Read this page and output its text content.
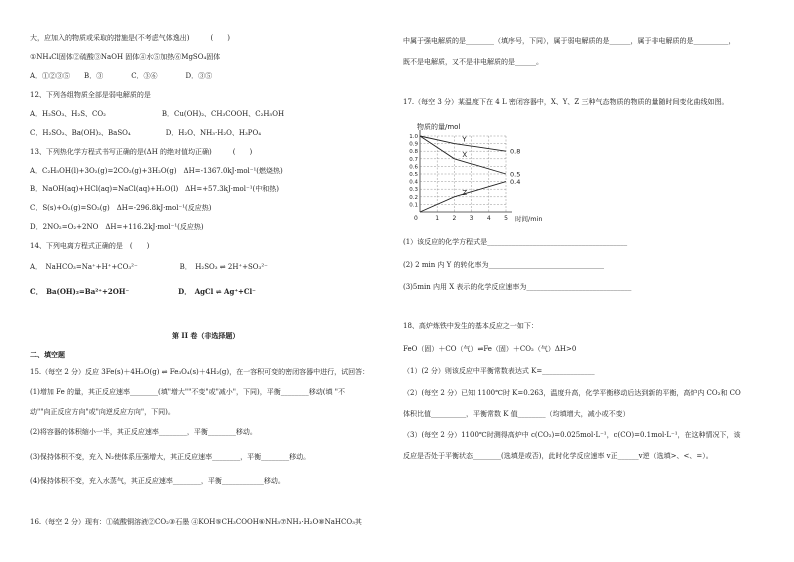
大，应加入的物质或采取的措施是(不考虑气体逸出)　　　(　　)
①NH₄Cl固体②硫酸③NaOH 固体④水⑤加热⑥MgSO₄固体
A．①②③⑤　　B．③　　　　C．③⑥　　　　D．③⑤
12、下列各组物质全部是弱电解质的是
A．H₂SO₃、H₂S、CO₂　　　　　　　　B．Cu(OH)₂、CH₃COOH、C₂H₅OH
C．H₂SO₃、Ba(OH)₂、BaSO₄　　　　　D．H₂O、NH₃·H₂O、H₃PO₄
13、下列热化学方程式书写正确的是(ΔH 的绝对值均正确)　　　(　　)
A．C₂H₅OH(l)+3O₂(g)=2CO₂(g)+3H₂O(g)　ΔH=-1367.0kJ·mol⁻¹(燃烧热)
B．NaOH(aq)+HCl(aq)=NaCl(aq)+H₂O(l)　ΔH=+57.3kJ·mol⁻¹(中和热)
C．S(s)+O₂(g)=SO₂(g)　ΔH=-296.8kJ·mol⁻¹(反应热)
D．2NO₂=O₂+2NO　ΔH=+116.2kJ·mol⁻¹(反应热)
14、下列电离方程式正确的是　(　　)
A．　NaHCO₃=Na⁺+H⁺+CO₃²⁻　　　　　　B．　H₂SO₃ ⇌ 2H⁺+SO₃²⁻
C．　Ba(OH)₂=Ba²⁺+2OH⁻　　　　　　　D．　AgCl ⇌ Ag⁺+Cl⁻
第 II 卷（非选择题）
二、填空题
15.（每空 2 分）反应 3Fe(s)＋4H₂O(g) ⇌ Fe₃O₄(s)＋4H₂(g)，在一容积可变的密闭容器中进行，试回答：
(1)增加 Fe 的量，其正反应速率________(填"增大""不变"或"减小"，下同)，平衡________移动(填 "不
动""向正反应方向"或"向逆反应方向"，下同)。
(2)将容器的体积缩小一半，其正反应速率________，平衡________移动。
(3)保持体积不变，充入 N₂使体系压强增大，其正反应速率________，平衡________移动。
(4)保持体积不变，充入水蒸气，其正反应速率________，平衡____________移动。
16.（每空 2 分）现有：①硫酸铜溶液②CO₂③石墨 ④KOH⑤CH₃COOH⑥NH₃⑦NH₃·H₂O⑧NaHCO₃其
中属于强电解质的是________（填序号，下同），属于弱电解质的是______，属于非电解质的是__________，
既不是电解质，又不是非电解质的是______。
17.（每空 3 分）某温度下在 4 L 密闭容器中，X、Y、Z 三种气态物质的物质的量随时间变化曲线如图。
物质的量/mol
时间/min
0
1.0
0.9
0.8
0.7
0.6
0.5
0.4
0.3
0.2
0.1
1 2 3 4 5
Y
0.8
X
0.5
Z
0.4
(1）该反应的化学方程式是________________________________________
(2) 2 min 内 Y 的转化率为_________________________________
(3)5min 内用 X 表示的化学反应速率为______________________________
18、高炉炼铁中发生的基本反应之一如下：
FeO（固）＋CO（气）⇌Fe（固）＋CO₂（气）ΔH>0
（1）(2 分）则该反应中平衡常数表达式 K=_______________
（2）(每空 2 分）已知 1100℃时 K=0.263，温度升高，化学平衡移动后达到新的平衡，高炉内 CO₂和 CO
体积比值__________，平衡常数 K 值________（均填增大，减小或不变）
（3）(每空 2 分）1100℃时测得高炉中 c(CO₂)=0.025mol·L⁻¹，c(CO)=0.1mol·L⁻¹，在这种情况下，该
反应是否处于平衡状态________(选填是或否)，此时化学反应速率 v正______v逆（选填>、<、=）。
